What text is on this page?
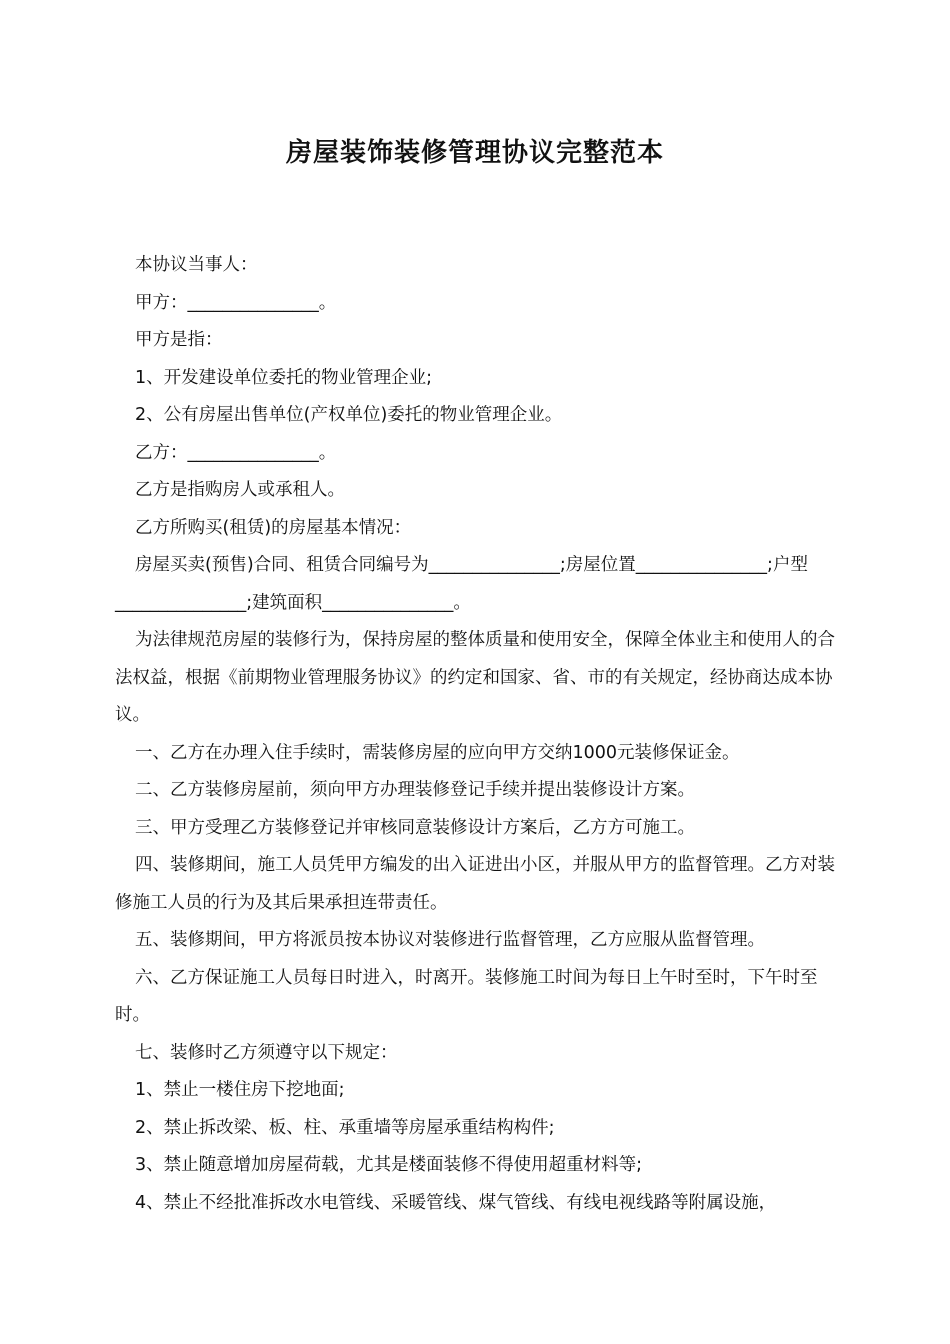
房屋装饰装修管理协议完整范本

本协议当事人：

甲方：_______________。

甲方是指：

1、开发建设单位委托的物业管理企业;

2、公有房屋出售单位(产权单位)委托的物业管理企业。

乙方：_______________。

乙方是指购房人或承租人。

乙方所购买(租赁)的房屋基本情况：

房屋买卖(预售)合同、租赁合同编号为_______________;房屋位置_______________;户型_______________;建筑面积_______________。

为法律规范房屋的装修行为，保持房屋的整体质量和使用安全，保障全体业主和使用人的合法权益，根据《前期物业管理服务协议》的约定和国家、省、市的有关规定，经协商达成本协议。

一、乙方在办理入住手续时，需装修房屋的应向甲方交纳1000元装修保证金。

二、乙方装修房屋前，须向甲方办理装修登记手续并提出装修设计方案。

三、甲方受理乙方装修登记并审核同意装修设计方案后，乙方方可施工。

四、装修期间，施工人员凭甲方编发的出入证进出小区，并服从甲方的监督管理。乙方对装修施工人员的行为及其后果承担连带责任。

五、装修期间，甲方将派员按本协议对装修进行监督管理，乙方应服从监督管理。

六、乙方保证施工人员每日时进入，时离开。装修施工时间为每日上午时至时，下午时至时。

七、装修时乙方须遵守以下规定：

1、禁止一楼住房下挖地面;

2、禁止拆改梁、板、柱、承重墙等房屋承重结构构件;

3、禁止随意增加房屋荷载，尤其是楼面装修不得使用超重材料等;

4、禁止不经批准拆改水电管线、采暖管线、煤气管线、有线电视线路等附属设施，
